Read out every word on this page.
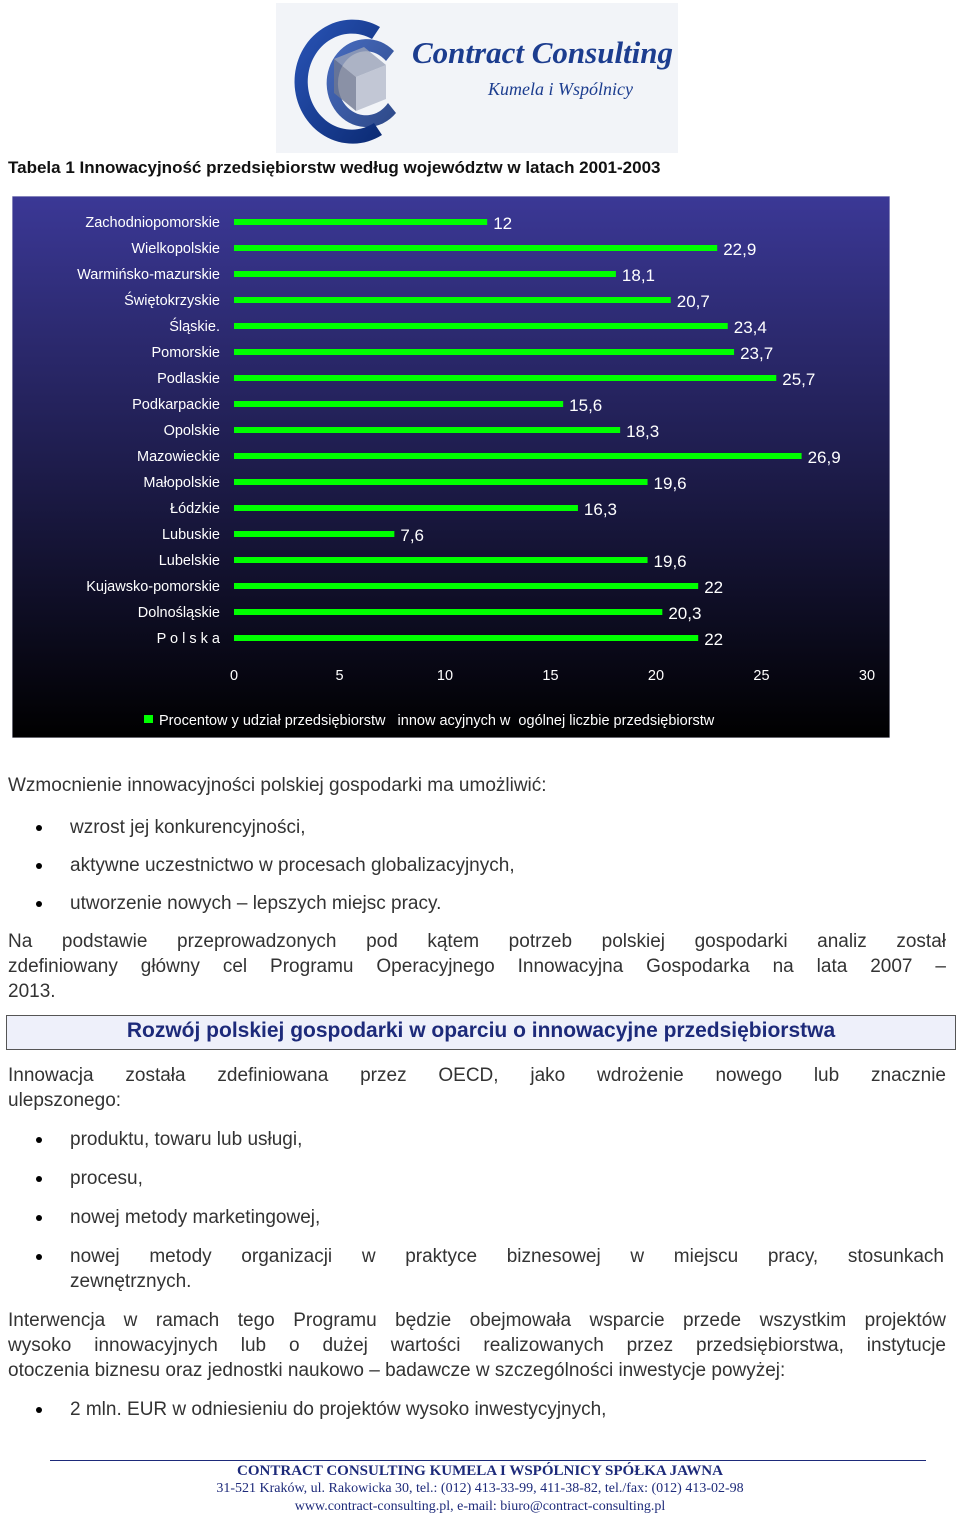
Contract Consulting
Kumela i Wspólnicy
Tabela 1 Innowacyjność przedsiębiorstw według województw w latach 2001-2003
Zachodniopomorskie	12
Wielkopolskie	22,9
Warmińsko-mazurskie	18,1
Świętokrzyskie	20,7
Śląskie.	23,4
Pomorskie	23,7
Podlaskie	25,7
Podkarpackie	15,6
Opolskie	18,3
Mazowieckie	26,9
Małopolskie	19,6
Łódzkie	16,3
Lubuskie	7,6
Lubelskie	19,6
Kujawsko-pomorskie	22
Dolnośląskie	20,3
P o l s k a	22
0	5	10	15	20	25	30
Procentow y udział przedsiębiorstw   innow acyjnych w  ogólnej liczbie przedsiębiorstw
Wzmocnienie innowacyjności polskiej gospodarki ma umożliwić:
wzrost jej konkurencyjności,
aktywne uczestnictwo w procesach globalizacyjnych,
utworzenie nowych – lepszych miejsc pracy.
Na podstawie przeprowadzonych pod kątem potrzeb polskiej gospodarki analiz został
zdefiniowany główny cel Programu Operacyjnego Innowacyjna Gospodarka na lata 2007 –
2013.
Rozwój polskiej gospodarki w oparciu o innowacyjne przedsiębiorstwa
Innowacja została zdefiniowana przez OECD, jako wdrożenie nowego lub znacznie
ulepszonego:
produktu, towaru lub usługi,
procesu,
nowej metody marketingowej,
nowej metody organizacji w praktyce biznesowej w miejscu pracy, stosunkach
zewnętrznych.
Interwencja w ramach tego Programu będzie obejmowała wsparcie przede wszystkim projektów
wysoko innowacyjnych lub o dużej wartości realizowanych przez przedsiębiorstwa, instytucje
otoczenia biznesu oraz jednostki naukowo – badawcze w szczególności inwestycje powyżej:
2 mln. EUR w odniesieniu do projektów wysoko inwestycyjnych,
CONTRACT CONSULTING KUMELA I WSPÓLNICY SPÓŁKA JAWNA
31-521 Kraków, ul. Rakowicka 30, tel.: (012) 413-33-99, 411-38-82, tel./fax: (012) 413-02-98
www.contract-consulting.pl, e-mail: biuro@contract-consulting.pl
